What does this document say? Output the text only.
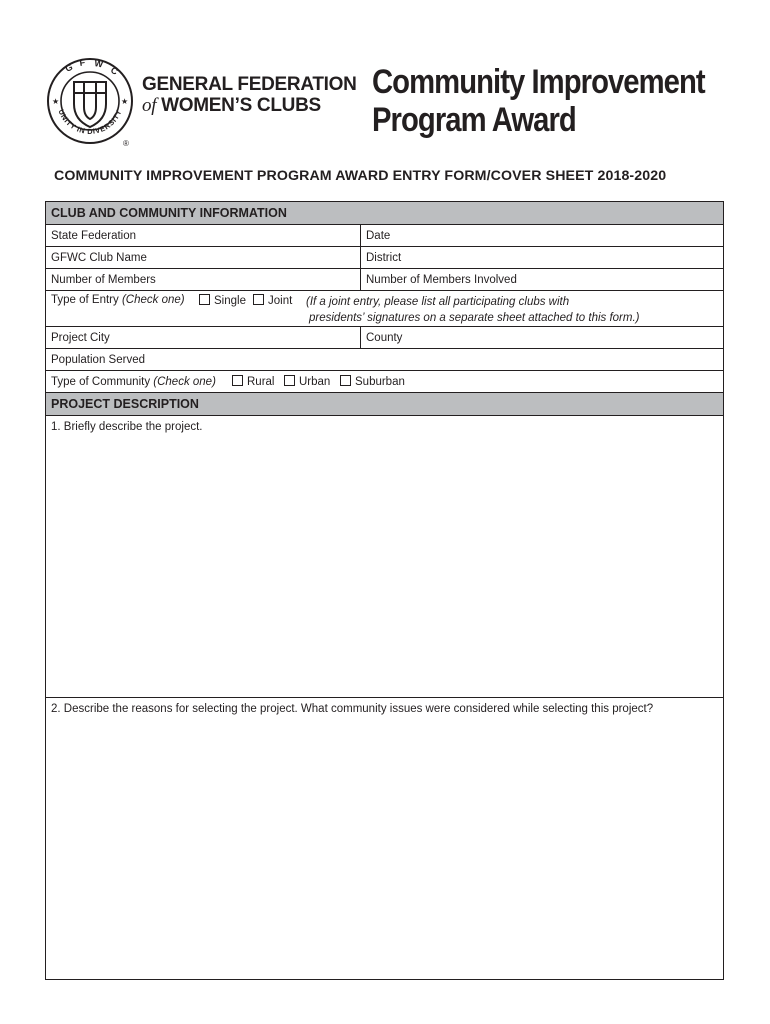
G F W
C
★	★
UNITY IN DIVERSITY
®
GENERAL FEDERATION
of WOMEN’S CLUBS
Community Improvement
Program Award
COMMUNITY IMPROVEMENT PROGRAM AWARD ENTRY FORM/COVER SHEET 2018-2020
CLUB AND COMMUNITY INFORMATION
State Federation	Date
GFWC Club Name	District
Number of Members	Number of Members Involved
Type of Entry (Check one)	Single	Joint (If a joint entry, please list all participating clubs with
presidents’ signatures on a separate sheet attached to this form.)
Project City	County
Population Served
Type of Community (Check one)	Rural	Urban	Suburban
PROJECT DESCRIPTION
1. Briefly describe the project.
2. Describe the reasons for selecting the project. What community issues were considered while selecting this project?
